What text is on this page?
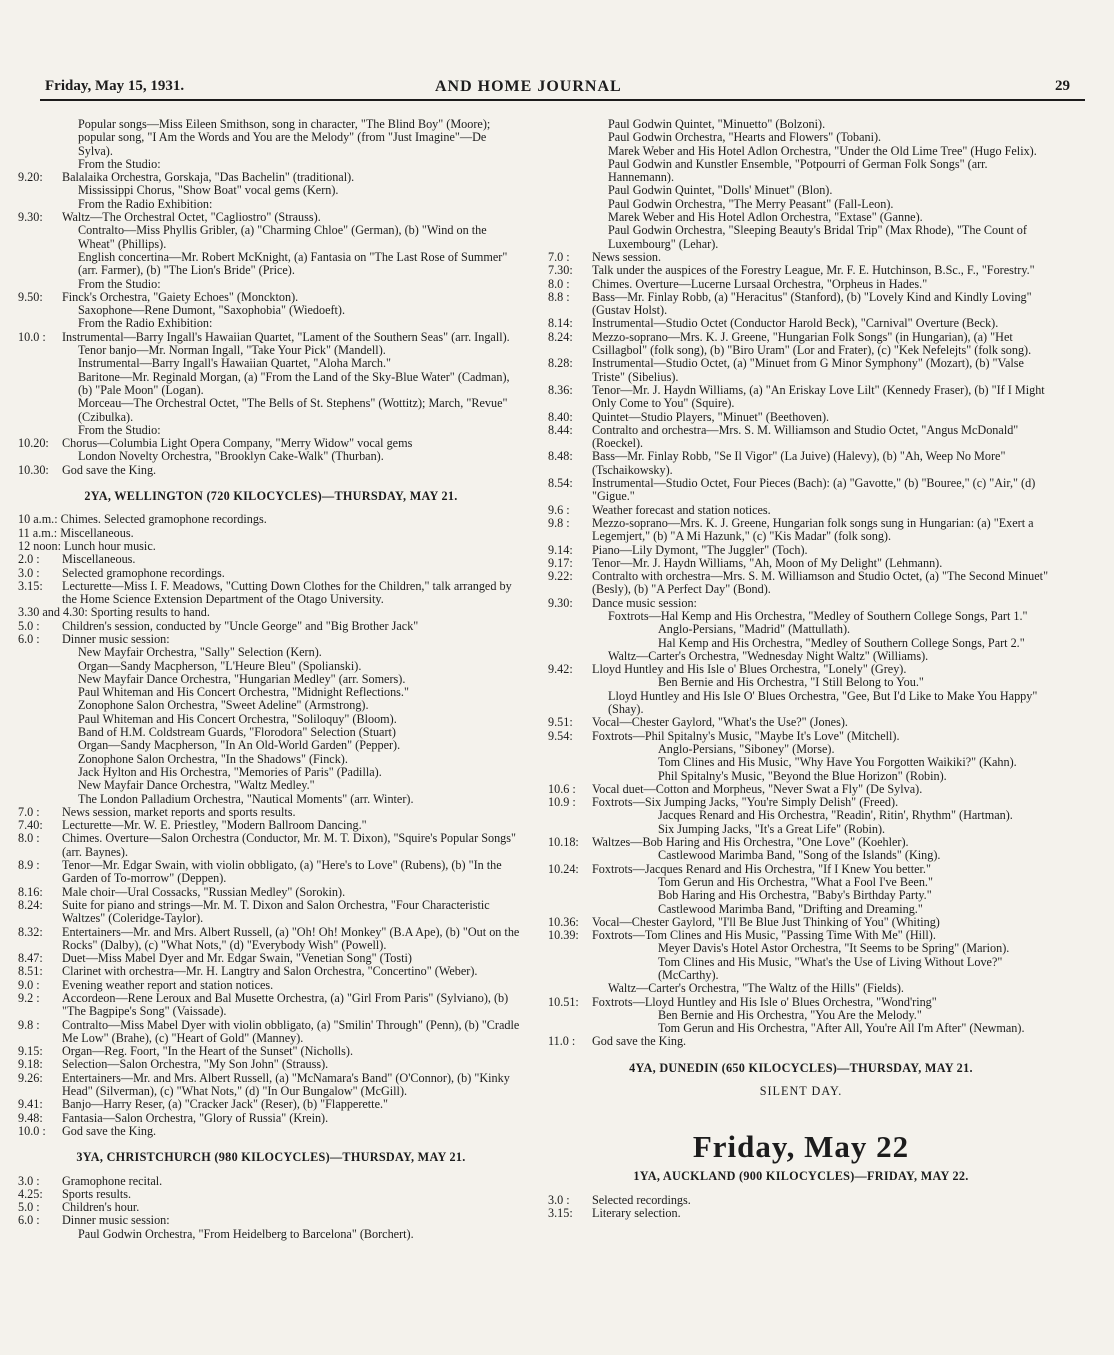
Friday, May 15, 1931.	AND HOME JOURNAL	29

Popular songs—Miss Eileen Smithson, song in character, "The Blind Boy" (Moore); popular song, "I Am the Words and You are the Melody" (from "Just Imagine"—De Sylva).

From the Studio:

9.20:	Balalaika Orchestra, Gorskaja, "Das Bachelin" (traditional).

Mississippi Chorus, "Show Boat" vocal gems (Kern).

From the Radio Exhibition:

9.30:	Waltz—The Orchestral Octet, "Cagliostro" (Strauss).

Contralto—Miss Phyllis Gribler, (a) "Charming Chloe" (German), (b) "Wind on the Wheat" (Phillips).

English concertina—Mr. Robert McKnight, (a) Fantasia on "The Last Rose of Summer" (arr. Farmer), (b) "The Lion's Bride" (Price).

From the Studio:

9.50:	Finck's Orchestra, "Gaiety Echoes" (Monckton).

Saxophone—Rene Dumont, "Saxophobia" (Wiedoeft).

From the Radio Exhibition:

10.0 :	Instrumental—Barry Ingall's Hawaiian Quartet, "Lament of the Southern Seas" (arr. Ingall).

Tenor banjo—Mr. Norman Ingall, "Take Your Pick" (Mandell).

Instrumental—Barry Ingall's Hawaiian Quartet, "Aloha March."

Baritone—Mr. Reginald Morgan, (a) "From the Land of the Sky-Blue Water" (Cadman), (b) "Pale Moon" (Logan).

Morceau—The Orchestral Octet, "The Bells of St. Stephens" (Wottitz); March, "Revue" (Czibulka).

From the Studio:

10.20:	Chorus—Columbia Light Opera Company, "Merry Widow" vocal gems

London Novelty Orchestra, "Brooklyn Cake-Walk" (Thurban).

10.30:	God save the King.

2YA, WELLINGTON (720 KILOCYCLES)—THURSDAY, MAY 21.

10 a.m.: Chimes. Selected gramophone recordings.

11 a.m.: Miscellaneous.

12 noon: Lunch hour music.

2.0 :	Miscellaneous.

3.0 :	Selected gramophone recordings.

3.15:	Lecturette—Miss I. F. Meadows, "Cutting Down Clothes for the Children," talk arranged by the Home Science Extension Department of the Otago University.

3.30 and 4.30: Sporting results to hand.

5.0 :	Children's session, conducted by "Uncle George" and "Big Brother Jack"

6.0 :	Dinner music session:

New Mayfair Orchestra, "Sally" Selection (Kern).

Organ—Sandy Macpherson, "L'Heure Bleu" (Spolianski).

New Mayfair Dance Orchestra, "Hungarian Medley" (arr. Somers).

Paul Whiteman and His Concert Orchestra, "Midnight Reflections."

Zonophone Salon Orchestra, "Sweet Adeline" (Armstrong).

Paul Whiteman and His Concert Orchestra, "Soliloquy" (Bloom).

Band of H.M. Coldstream Guards, "Florodora" Selection (Stuart)

Organ—Sandy Macpherson, "In An Old-World Garden" (Pepper).

Zonophone Salon Orchestra, "In the Shadows" (Finck).

Jack Hylton and His Orchestra, "Memories of Paris" (Padilla).

New Mayfair Dance Orchestra, "Waltz Medley."

The London Palladium Orchestra, "Nautical Moments" (arr. Winter).

7.0 :	News session, market reports and sports results.

7.40:	Lecturette—Mr. W. E. Priestley, "Modern Ballroom Dancing."

8.0 :	Chimes. Overture—Salon Orchestra (Conductor, Mr. M. T. Dixon), "Squire's Popular Songs" (arr. Baynes).

8.9 :	Tenor—Mr. Edgar Swain, with violin obbligato, (a) "Here's to Love" (Rubens), (b) "In the Garden of To-morrow" (Deppen).

8.16:	Male choir—Ural Cossacks, "Russian Medley" (Sorokin).

8.24:	Suite for piano and strings—Mr. M. T. Dixon and Salon Orchestra, "Four Characteristic Waltzes" (Coleridge-Taylor).

8.32:	Entertainers—Mr. and Mrs. Albert Russell, (a) "Oh! Oh! Monkey" (B.A Ape), (b) "Out on the Rocks" (Dalby), (c) "What Nots," (d) "Everybody Wish" (Powell).

8.47:	Duet—Miss Mabel Dyer and Mr. Edgar Swain, "Venetian Song" (Tosti)

8.51:	Clarinet with orchestra—Mr. H. Langtry and Salon Orchestra, "Concertino" (Weber).

9.0 :	Evening weather report and station notices.

9.2 :	Accordeon—Rene Leroux and Bal Musette Orchestra, (a) "Girl From Paris" (Sylviano), (b) "The Bagpipe's Song" (Vaissade).

9.8 :	Contralto—Miss Mabel Dyer with violin obbligato, (a) "Smilin' Through" (Penn), (b) "Cradle Me Low" (Brahe), (c) "Heart of Gold" (Manney).

9.15:	Organ—Reg. Foort, "In the Heart of the Sunset" (Nicholls).

9.18:	Selection—Salon Orchestra, "My Son John" (Strauss).

9.26:	Entertainers—Mr. and Mrs. Albert Russell, (a) "McNamara's Band" (O'Connor), (b) "Kinky Head" (Silverman), (c) "What Nots," (d) "In Our Bungalow" (McGill).

9.41:	Banjo—Harry Reser, (a) "Cracker Jack" (Reser), (b) "Flapperette."

9.48:	Fantasia—Salon Orchestra, "Glory of Russia" (Krein).

10.0 :	God save the King.

3YA, CHRISTCHURCH (980 KILOCYCLES)—THURSDAY, MAY 21.

3.0 :	Gramophone recital.

4.25:	Sports results.

5.0 :	Children's hour.

6.0 :	Dinner music session:

Paul Godwin Orchestra, "From Heidelberg to Barcelona" (Borchert).

Paul Godwin Quintet, "Minuetto" (Bolzoni).

Paul Godwin Orchestra, "Hearts and Flowers" (Tobani).

Marek Weber and His Hotel Adlon Orchestra, "Under the Old Lime Tree" (Hugo Felix).

Paul Godwin and Kunstler Ensemble, "Potpourri of German Folk Songs" (arr. Hannemann).

Paul Godwin Quintet, "Dolls' Minuet" (Blon).

Paul Godwin Orchestra, "The Merry Peasant" (Fall-Leon).

Marek Weber and His Hotel Adlon Orchestra, "Extase" (Ganne).

Paul Godwin Orchestra, "Sleeping Beauty's Bridal Trip" (Max Rhode), "The Count of Luxembourg" (Lehar).

7.0 :	News session.

7.30:	Talk under the auspices of the Forestry League, Mr. F. E. Hutchinson, B.Sc., F., "Forestry."

8.0 :	Chimes. Overture—Lucerne Lursaal Orchestra, "Orpheus in Hades."

8.8 :	Bass—Mr. Finlay Robb, (a) "Heracitus" (Stanford), (b) "Lovely Kind and Kindly Loving" (Gustav Holst).

8.14:	Instrumental—Studio Octet (Conductor Harold Beck), "Carnival" Overture (Beck).

8.24:	Mezzo-soprano—Mrs. K. J. Greene, "Hungarian Folk Songs" (in Hungarian), (a) "Het Csillagbol" (folk song), (b) "Biro Uram" (Lor and Frater), (c) "Kek Nefelejts" (folk song).

8.28:	Instrumental—Studio Octet, (a) "Minuet from G Minor Symphony" (Mozart), (b) "Valse Triste" (Sibelius).

8.36:	Tenor—Mr. J. Haydn Williams, (a) "An Eriskay Love Lilt" (Kennedy Fraser), (b) "If I Might Only Come to You" (Squire).

8.40:	Quintet—Studio Players, "Minuet" (Beethoven).

8.44:	Contralto and orchestra—Mrs. S. M. Williamson and Studio Octet, "Angus McDonald" (Roeckel).

8.48:	Bass—Mr. Finlay Robb, "Se Il Vigor" (La Juive) (Halevy), (b) "Ah, Weep No More" (Tschaikowsky).

8.54:	Instrumental—Studio Octet, Four Pieces (Bach): (a) "Gavotte," (b) "Bouree," (c) "Air," (d) "Gigue."

9.6 :	Weather forecast and station notices.

9.8 :	Mezzo-soprano—Mrs. K. J. Greene, Hungarian folk songs sung in Hungarian: (a) "Exert a Legemjert," (b) "A Mi Hazunk," (c) "Kis Madar" (folk song).

9.14:	Piano—Lily Dymont, "The Juggler" (Toch).

9.17:	Tenor—Mr. J. Haydn Williams, "Ah, Moon of My Delight" (Lehmann).

9.22:	Contralto with orchestra—Mrs. S. M. Williamson and Studio Octet, (a) "The Second Minuet" (Besly), (b) "A Perfect Day" (Bond).

9.30:	Dance music session:

Foxtrots—Hal Kemp and His Orchestra, "Medley of Southern College Songs, Part 1."

Anglo-Persians, "Madrid" (Mattullath).

Hal Kemp and His Orchestra, "Medley of Southern College Songs, Part 2."

Waltz—Carter's Orchestra, "Wednesday Night Waltz" (Williams).

9.42:	Lloyd Huntley and His Isle o' Blues Orchestra, "Lonely" (Grey).

Ben Bernie and His Orchestra, "I Still Belong to You."

Lloyd Huntley and His Isle O' Blues Orchestra, "Gee, But I'd Like to Make You Happy" (Shay).

9.51:	Vocal—Chester Gaylord, "What's the Use?" (Jones).

9.54:	Foxtrots—Phil Spitalny's Music, "Maybe It's Love" (Mitchell).

Anglo-Persians, "Siboney" (Morse).

Tom Clines and His Music, "Why Have You Forgotten Waikiki?" (Kahn).

Phil Spitalny's Music, "Beyond the Blue Horizon" (Robin).

10.6 :	Vocal duet—Cotton and Morpheus, "Never Swat a Fly" (De Sylva).

10.9 :	Foxtrots—Six Jumping Jacks, "You're Simply Delish" (Freed).

Jacques Renard and His Orchestra, "Readin', Ritin', Rhythm" (Hartman).

Six Jumping Jacks, "It's a Great Life" (Robin).

10.18:	Waltzes—Bob Haring and His Orchestra, "One Love" (Koehler).

Castlewood Marimba Band, "Song of the Islands" (King).

10.24:	Foxtrots—Jacques Renard and His Orchestra, "If I Knew You better."

Tom Gerun and His Orchestra, "What a Fool I've Been."

Bob Haring and His Orchestra, "Baby's Birthday Party."

Castlewood Marimba Band, "Drifting and Dreaming."

10.36:	Vocal—Chester Gaylord, "I'll Be Blue Just Thinking of You" (Whiting)

10.39:	Foxtrots—Tom Clines and His Music, "Passing Time With Me" (Hill).

Meyer Davis's Hotel Astor Orchestra, "It Seems to be Spring" (Marion).

Tom Clines and His Music, "What's the Use of Living Without Love?" (McCarthy).

Waltz—Carter's Orchestra, "The Waltz of the Hills" (Fields).

10.51:	Foxtrots—Lloyd Huntley and His Isle o' Blues Orchestra, "Wond'ring"

Ben Bernie and His Orchestra, "You Are the Melody."

Tom Gerun and His Orchestra, "After All, You're All I'm After" (Newman).

11.0 :	God save the King.

4YA, DUNEDIN (650 KILOCYCLES)—THURSDAY, MAY 21.
SILENT DAY.
Friday, May 22
1YA, AUCKLAND (900 KILOCYCLES)—FRIDAY, MAY 22.

3.0 :	Selected recordings.

3.15:	Literary selection.
